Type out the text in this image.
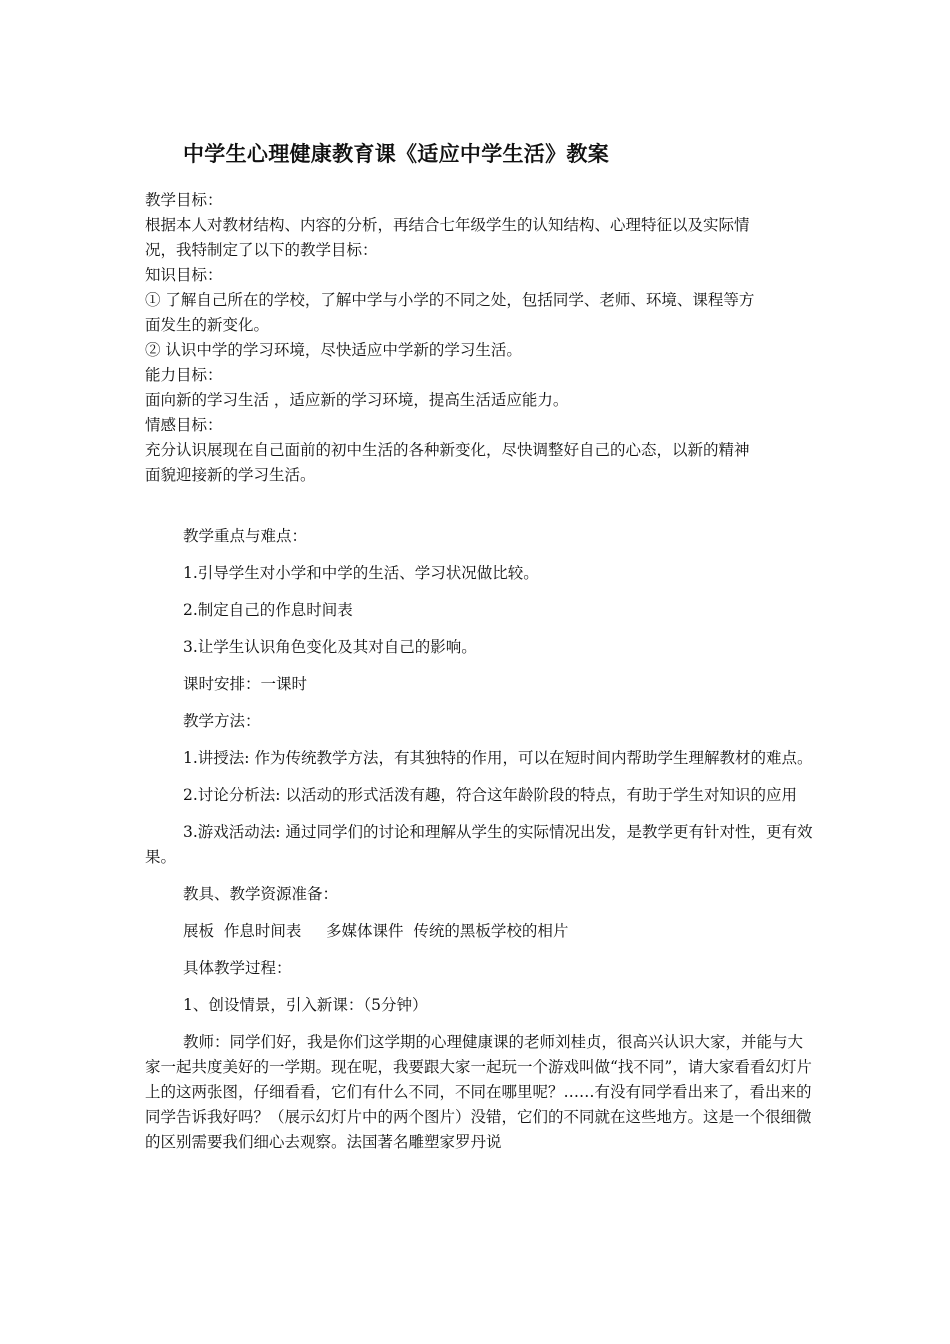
中学生心理健康教育课《适应中学生活》教案
教学目标：
根据本人对教材结构、内容的分析，再结合七年级学生的认知结构、心理特征以及实际情
况，我特制定了以下的教学目标：
知识目标：
① 了解自己所在的学校，了解中学与小学的不同之处，包括同学、老师、环境、课程等方
面发生的新变化。
② 认识中学的学习环境，尽快适应中学新的学习生活。
能力目标：
面向新的学习生活 ，适应新的学习环境，提高生活适应能力。
情感目标：
充分认识展现在自己面前的初中生活的各种新变化，尽快调整好自己的心态，以新的精神
面貌迎接新的学习生活。

教学重点与难点：

1.引导学生对小学和中学的生活、学习状况做比较。

2.制定自己的作息时间表

3.让学生认识角色变化及其对自己的影响。

课时安排：一课时

教学方法：

1.讲授法: 作为传统教学方法，有其独特的作用，可以在短时间内帮助学生理解教材的难点。

2.讨论分析法: 以活动的形式活泼有趣，符合这年龄阶段的特点，有助于学生对知识的应用

3.游戏活动法: 通过同学们的讨论和理解从学生的实际情况出发，是教学更有针对性，更有效果。

教具、教学资源准备：

展板  作息时间表     多媒体课件  传统的黑板学校的相片

具体教学过程：

1、创设情景，引入新课：（5分钟）

教师：同学们好，我是你们这学期的心理健康课的老师刘桂贞，很高兴认识大家，并能与大家一起共度美好的一学期。现在呢，我要跟大家一起玩一个游戏叫做“找不同”，请大家看看幻灯片上的这两张图，仔细看看，它们有什么不同，不同在哪里呢？……有没有同学看出来了，看出来的同学告诉我好吗？（展示幻灯片中的两个图片）没错，它们的不同就在这些地方。这是一个很细微的区别需要我们细心去观察。法国著名雕塑家罗丹说
